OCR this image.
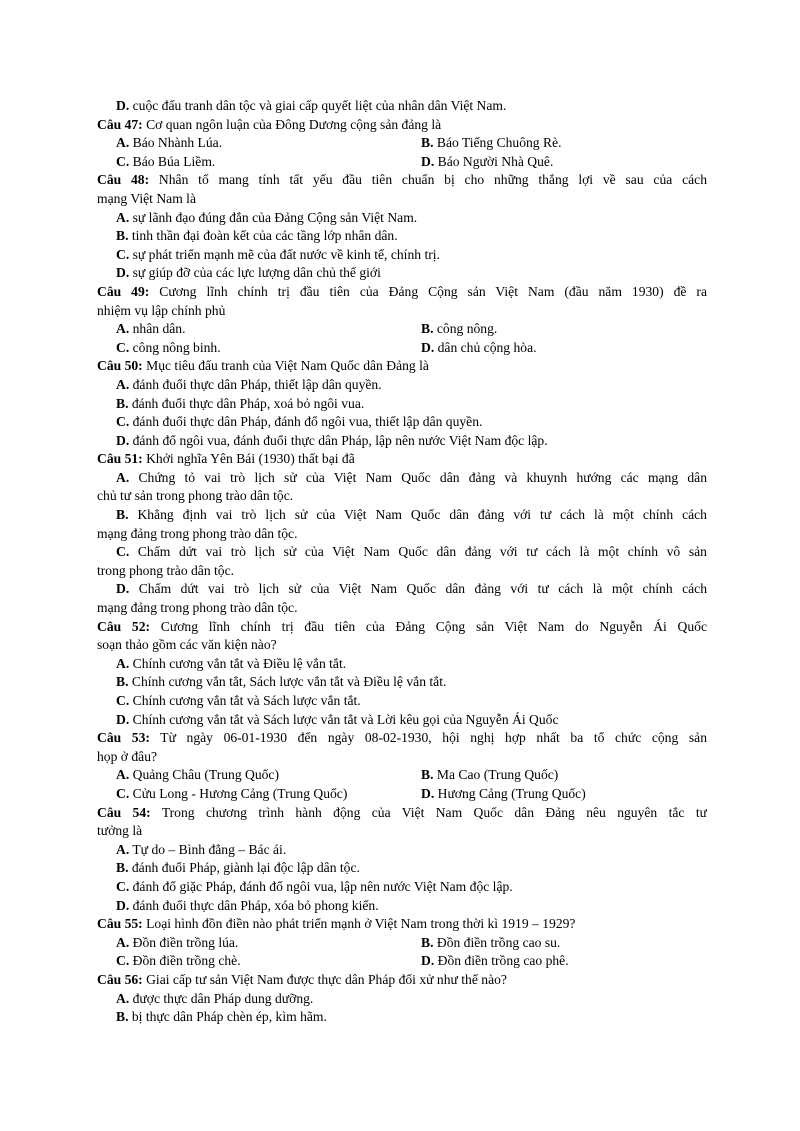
D. cuộc đấu tranh dân tộc và giai cấp quyết liệt của nhân dân Việt Nam.
Câu 47: Cơ quan ngôn luận của Đông Dương cộng sản đảng là
A. Báo Nhành Lúa.	B. Báo Tiếng Chuông Rè.
C. Báo Búa Liềm.	D. Báo Người Nhà Quê.
Câu 48: Nhân tố mang tính tất yếu đầu tiên chuẩn bị cho những thắng lợi về sau của cách
mạng Việt Nam là
A. sự lãnh đạo đúng đắn của Đảng Cộng sản Việt Nam.
B. tinh thần đại đoàn kết của các tầng lớp nhân dân.
C. sự phát triển mạnh mẽ của đất nước về kinh tế, chính trị.
D. sự giúp đỡ của các lực lượng dân chủ thế giới
Câu 49: Cương lĩnh chính trị đầu tiên của Đảng Cộng sản Việt Nam (đầu năm 1930) đề ra
nhiệm vụ lập chính phủ
A. nhân dân.	B. công nông.
C. công nông binh.	D. dân chủ cộng hòa.
Câu 50: Mục tiêu đấu tranh của Việt Nam Quốc dân Đảng là
A. đánh đuổi thực dân Pháp, thiết lập dân quyền.
B. đánh đuổi thực dân Pháp, xoá bỏ ngôi vua.
C. đánh đuổi thực dân Pháp, đánh đổ ngôi vua, thiết lập dân quyền.
D. đánh đổ ngôi vua, đánh đuổi thực dân Pháp, lập nên nước Việt Nam độc lập.
Câu 51: Khởi nghĩa Yên Bái (1930) thất bại đã
A. Chứng tỏ vai trò lịch sử của Việt Nam Quốc dân đảng và khuynh hướng các mạng dân
chủ tư sản trong phong trào dân tộc.
B. Khẳng định vai trò lịch sử của Việt Nam Quốc dân đảng với tư cách là một chính cách
mạng đảng trong phong trào dân tộc.
C. Chấm dứt vai trò lịch sử của Việt Nam Quốc dân đảng với tư cách là một chính vô sản
trong phong trào dân tộc.
D. Chấm dứt vai trò lịch sử của Việt Nam Quốc dân đảng với tư cách là một chính cách
mạng đảng trong phong trào dân tộc.
Câu 52: Cương lĩnh chính trị đầu tiên của Đảng Cộng sản Việt Nam do Nguyễn Ái Quốc
soạn thảo gồm các văn kiện nào?
A. Chính cương vắn tắt và Điều lệ vắn tắt.
B. Chính cương vắn tắt, Sách lược vắn tắt và Điều lệ vắn tắt.
C. Chính cương vắn tắt và Sách lược vắn tắt.
D. Chính cương vắn tắt và Sách lược vắn tắt và Lời kêu gọi của Nguyễn Ái Quốc
Câu 53: Từ ngày 06-01-1930 đến ngày 08-02-1930, hội nghị hợp nhất ba tổ chức cộng sản
họp ở đâu?
A. Quảng Châu (Trung Quốc)	B. Ma Cao (Trung Quốc)
C. Cửu Long - Hương Cảng (Trung Quốc)	D. Hương Cảng (Trung Quốc)
Câu 54: Trong chương trình hành động của Việt Nam Quốc dân Đảng nêu nguyên tắc tư
tưởng là
A. Tự do – Bình đẳng – Bác ái.
B. đánh đuổi Pháp, giành lại độc lập dân tộc.
C. đánh đổ giặc Pháp, đánh đổ ngôi vua, lập nên nước Việt Nam độc lập.
D. đánh đuổi thực dân Pháp, xóa bỏ phong kiến.
Câu 55: Loại hình đồn điền nào phát triển mạnh ở Việt Nam trong thời kì 1919 – 1929?
A. Đồn điền trồng lúa.	B. Đồn điền trồng cao su.
C. Đồn điền trồng chè.	D. Đồn điền trồng cao phê.
Câu 56: Giai cấp tư sản Việt Nam được thực dân Pháp đối xử như thế nào?
A. được thực dân Pháp dung dưỡng.
B. bị thực dân Pháp chèn ép, kìm hãm.
